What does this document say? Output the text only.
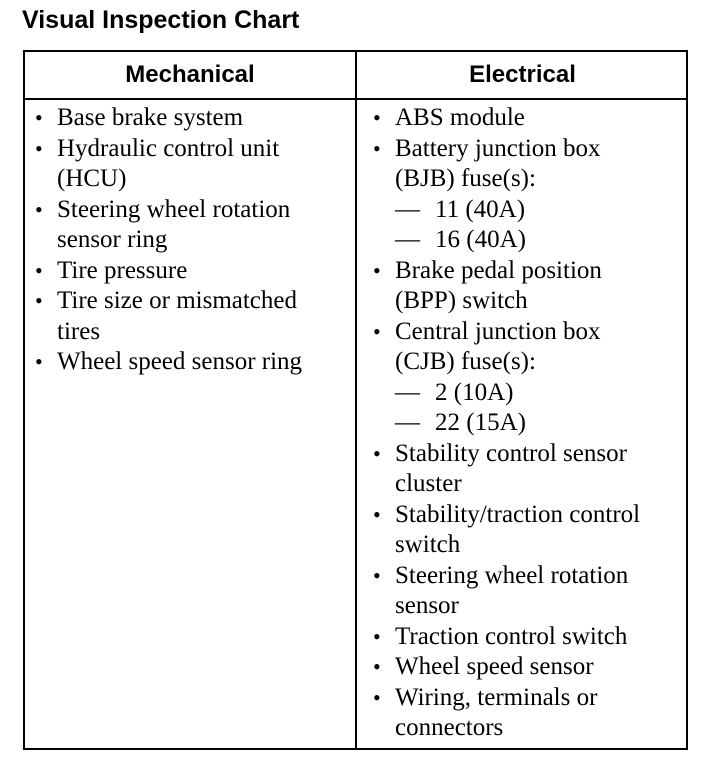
Visual Inspection Chart
Mechanical	Electrical
• Base brake system
• Hydraulic control unit
(HCU)
• Steering wheel rotation
sensor ring
• Tire pressure
• Tire size or mismatched
tires
• Wheel speed sensor ring
• ABS module
• Battery junction box
(BJB) fuse(s):
— 11 (40A)
— 16 (40A)
• Brake pedal position
(BPP) switch
• Central junction box
(CJB) fuse(s):
— 2 (10A)
— 22 (15A)
• Stability control sensor
cluster
• Stability/traction control
switch
• Steering wheel rotation
sensor
• Traction control switch
• Wheel speed sensor
• Wiring, terminals or
connectors
